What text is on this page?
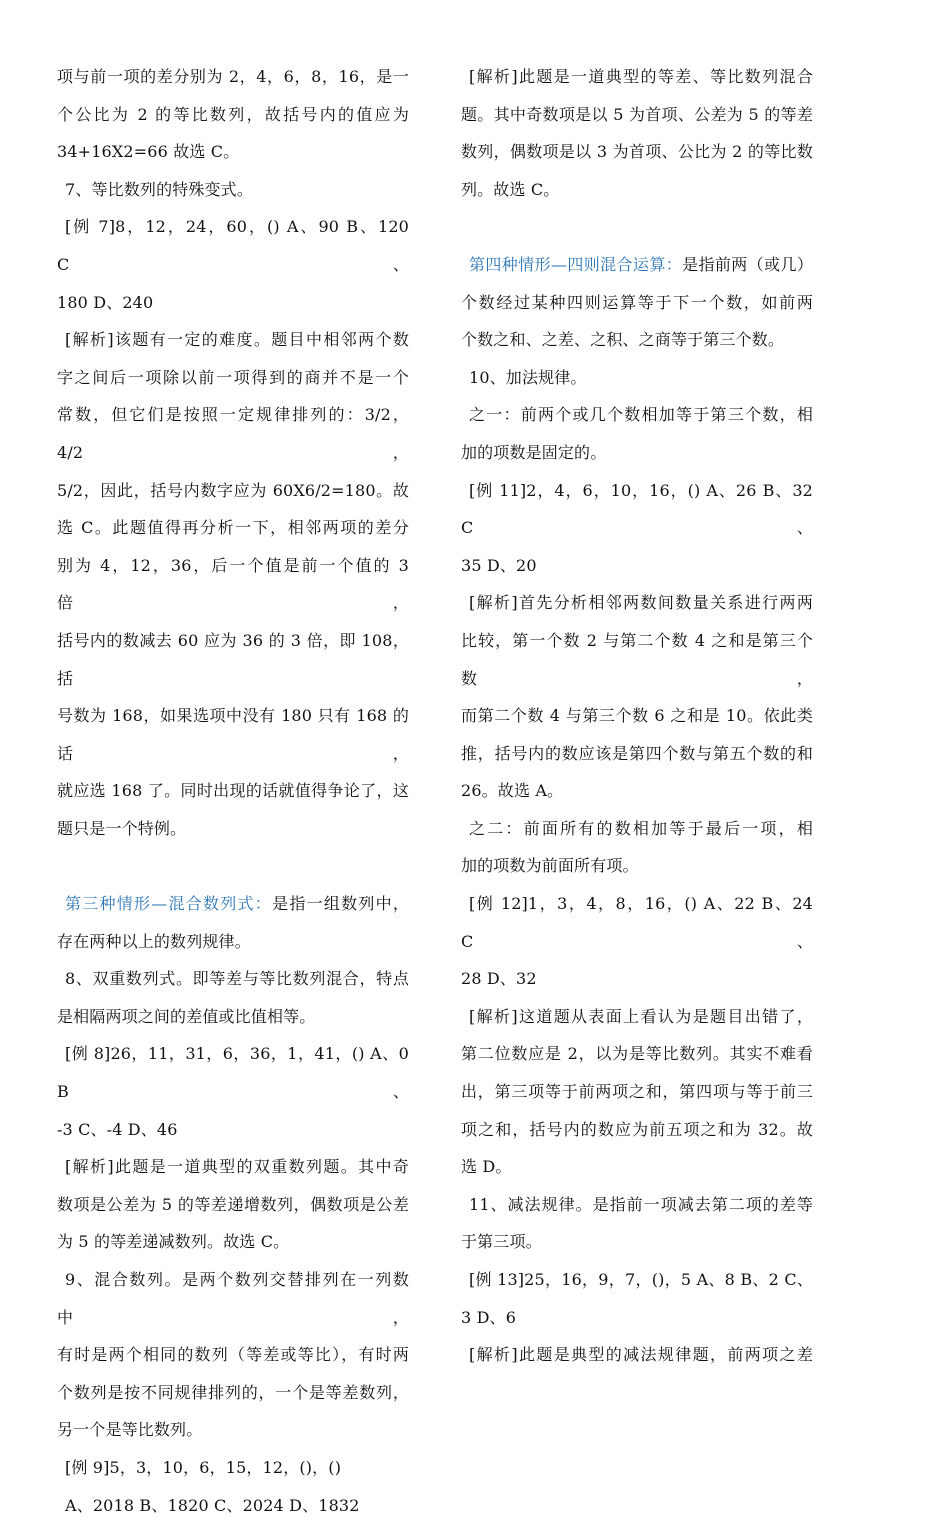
项与前一项的差分别为 2，4，6，8，16，是一

个公比为 2 的等比数列，故括号内的值应为

34+16X2=66 故选 C。

7、等比数列的特殊变式。

[例 7]8，12，24，60，() A、90 B、120 C、

180 D、240

[解析]该题有一定的难度。题目中相邻两个数

字之间后一项除以前一项得到的商并不是一个

常数，但它们是按照一定规律排列的：3/2，4/2，

5/2，因此，括号内数字应为 60X6/2=180。故

选 C。此题值得再分析一下，相邻两项的差分

别为 4，12，36，后一个值是前一个值的 3 倍，

括号内的数减去 60 应为 36 的 3 倍，即 108，括

号数为 168，如果选项中没有 180 只有 168 的话，

就应选 168 了。同时出现的话就值得争论了，这

题只是一个特例。

第三种情形—混合数列式：是指一组数列中，

存在两种以上的数列规律。

8、双重数列式。即等差与等比数列混合，特点

是相隔两项之间的差值或比值相等。

[例 8]26，11，31，6，36，1，41，() A、0 B、

-3 C、-4 D、46

[解析]此题是一道典型的双重数列题。其中奇

数项是公差为 5 的等差递增数列，偶数项是公差

为 5 的等差递减数列。故选 C。

9、混合数列。是两个数列交替排列在一列数中，

有时是两个相同的数列（等差或等比），有时两

个数列是按不同规律排列的，一个是等差数列，

另一个是等比数列。

[例 9]5，3，10，6，15，12，()，()

A、2018 B、1820 C、2024 D、1832

[解析]此题是一道典型的等差、等比数列混合

题。其中奇数项是以 5 为首项、公差为 5 的等差

数列，偶数项是以 3 为首项、公比为 2 的等比数

列。故选 C。

第四种情形—四则混合运算：是指前两（或几）

个数经过某种四则运算等于下一个数，如前两

个数之和、之差、之积、之商等于第三个数。

10、加法规律。

之一：前两个或几个数相加等于第三个数，相

加的项数是固定的。

[例 11]2，4，6，10，16，() A、26 B、32 C、

35 D、20

[解析]首先分析相邻两数间数量关系进行两两

比较，第一个数 2 与第二个数 4 之和是第三个数，

而第二个数 4 与第三个数 6 之和是 10。依此类

推，括号内的数应该是第四个数与第五个数的和

26。故选 A。

之二：前面所有的数相加等于最后一项，相

加的项数为前面所有项。

[例 12]1，3，4，8，16，() A、22 B、24 C、

28 D、32

[解析]这道题从表面上看认为是题目出错了，

第二位数应是 2，以为是等比数列。其实不难看

出，第三项等于前两项之和，第四项与等于前三

项之和，括号内的数应为前五项之和为 32。故

选 D。

11、减法规律。是指前一项减去第二项的差等

于第三项。

[例 13]25，16，9，7，()，5 A、8 B、2 C、

3 D、6

[解析]此题是典型的减法规律题，前两项之差
